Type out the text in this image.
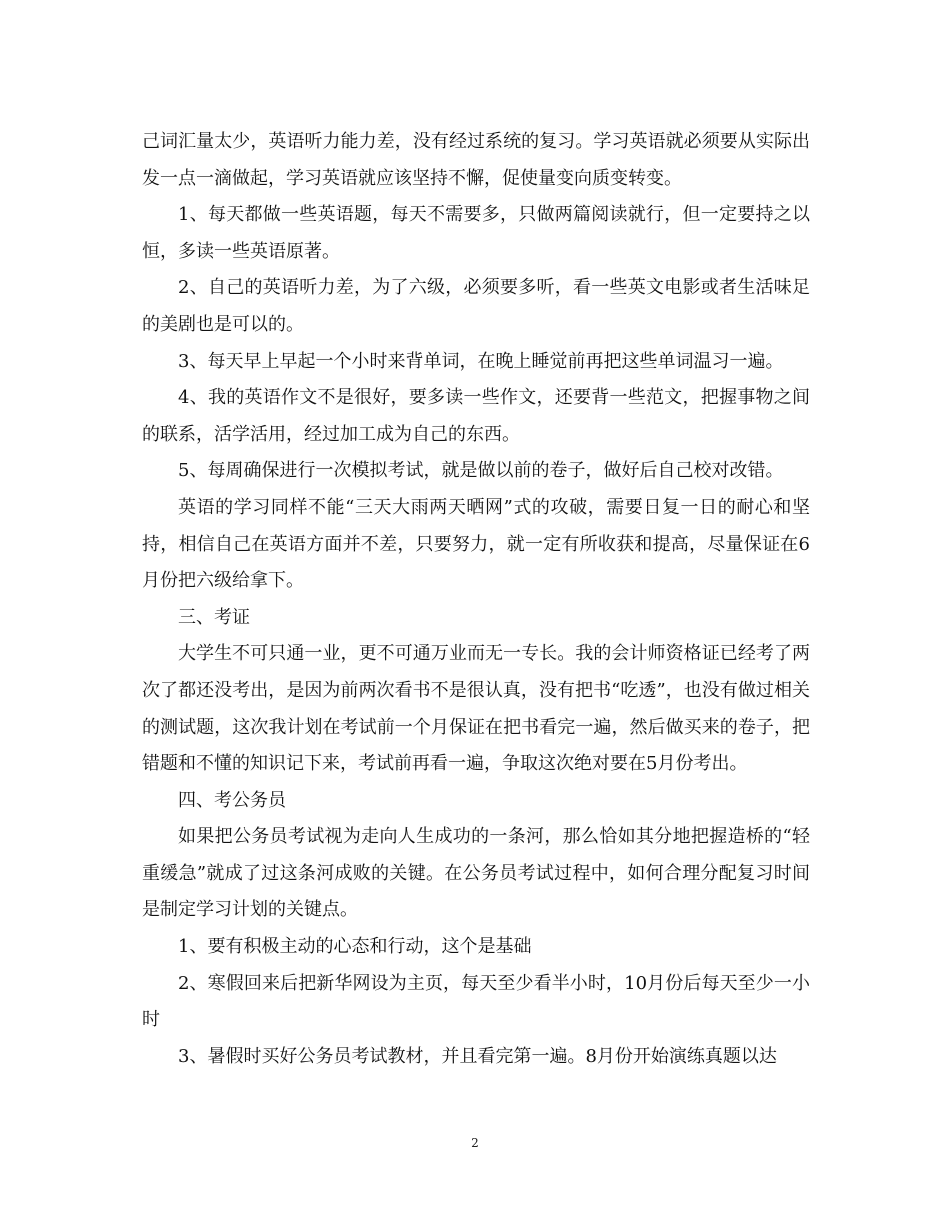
己词汇量太少，英语听力能力差，没有经过系统的复习。学习英语就必须要从实际出发一点一滴做起，学习英语就应该坚持不懈，促使量变向质变转变。

1、每天都做一些英语题，每天不需要多，只做两篇阅读就行，但一定要持之以恒，多读一些英语原著。

2、自己的英语听力差，为了六级，必须要多听，看一些英文电影或者生活味足的美剧也是可以的。

3、每天早上早起一个小时来背单词，在晚上睡觉前再把这些单词温习一遍。

4、我的英语作文不是很好，要多读一些作文，还要背一些范文，把握事物之间的联系，活学活用，经过加工成为自己的东西。

5、每周确保进行一次模拟考试，就是做以前的卷子，做好后自己校对改错。

英语的学习同样不能“三天大雨两天晒网”式的攻破，需要日复一日的耐心和坚持，相信自己在英语方面并不差，只要努力，就一定有所收获和提高，尽量保证在6月份把六级给拿下。

三、考证

大学生不可只通一业，更不可通万业而无一专长。我的会计师资格证已经考了两次了都还没考出，是因为前两次看书不是很认真，没有把书“吃透”，也没有做过相关的测试题，这次我计划在考试前一个月保证在把书看完一遍，然后做买来的卷子，把错题和不懂的知识记下来，考试前再看一遍，争取这次绝对要在5月份考出。

四、考公务员

如果把公务员考试视为走向人生成功的一条河，那么恰如其分地把握造桥的“轻重缓急”就成了过这条河成败的关键。在公务员考试过程中，如何合理分配复习时间是制定学习计划的关键点。

1、要有积极主动的心态和行动，这个是基础

2、寒假回来后把新华网设为主页，每天至少看半小时，10月份后每天至少一小时

3、暑假时买好公务员考试教材，并且看完第一遍。8月份开始演练真题以达

2
